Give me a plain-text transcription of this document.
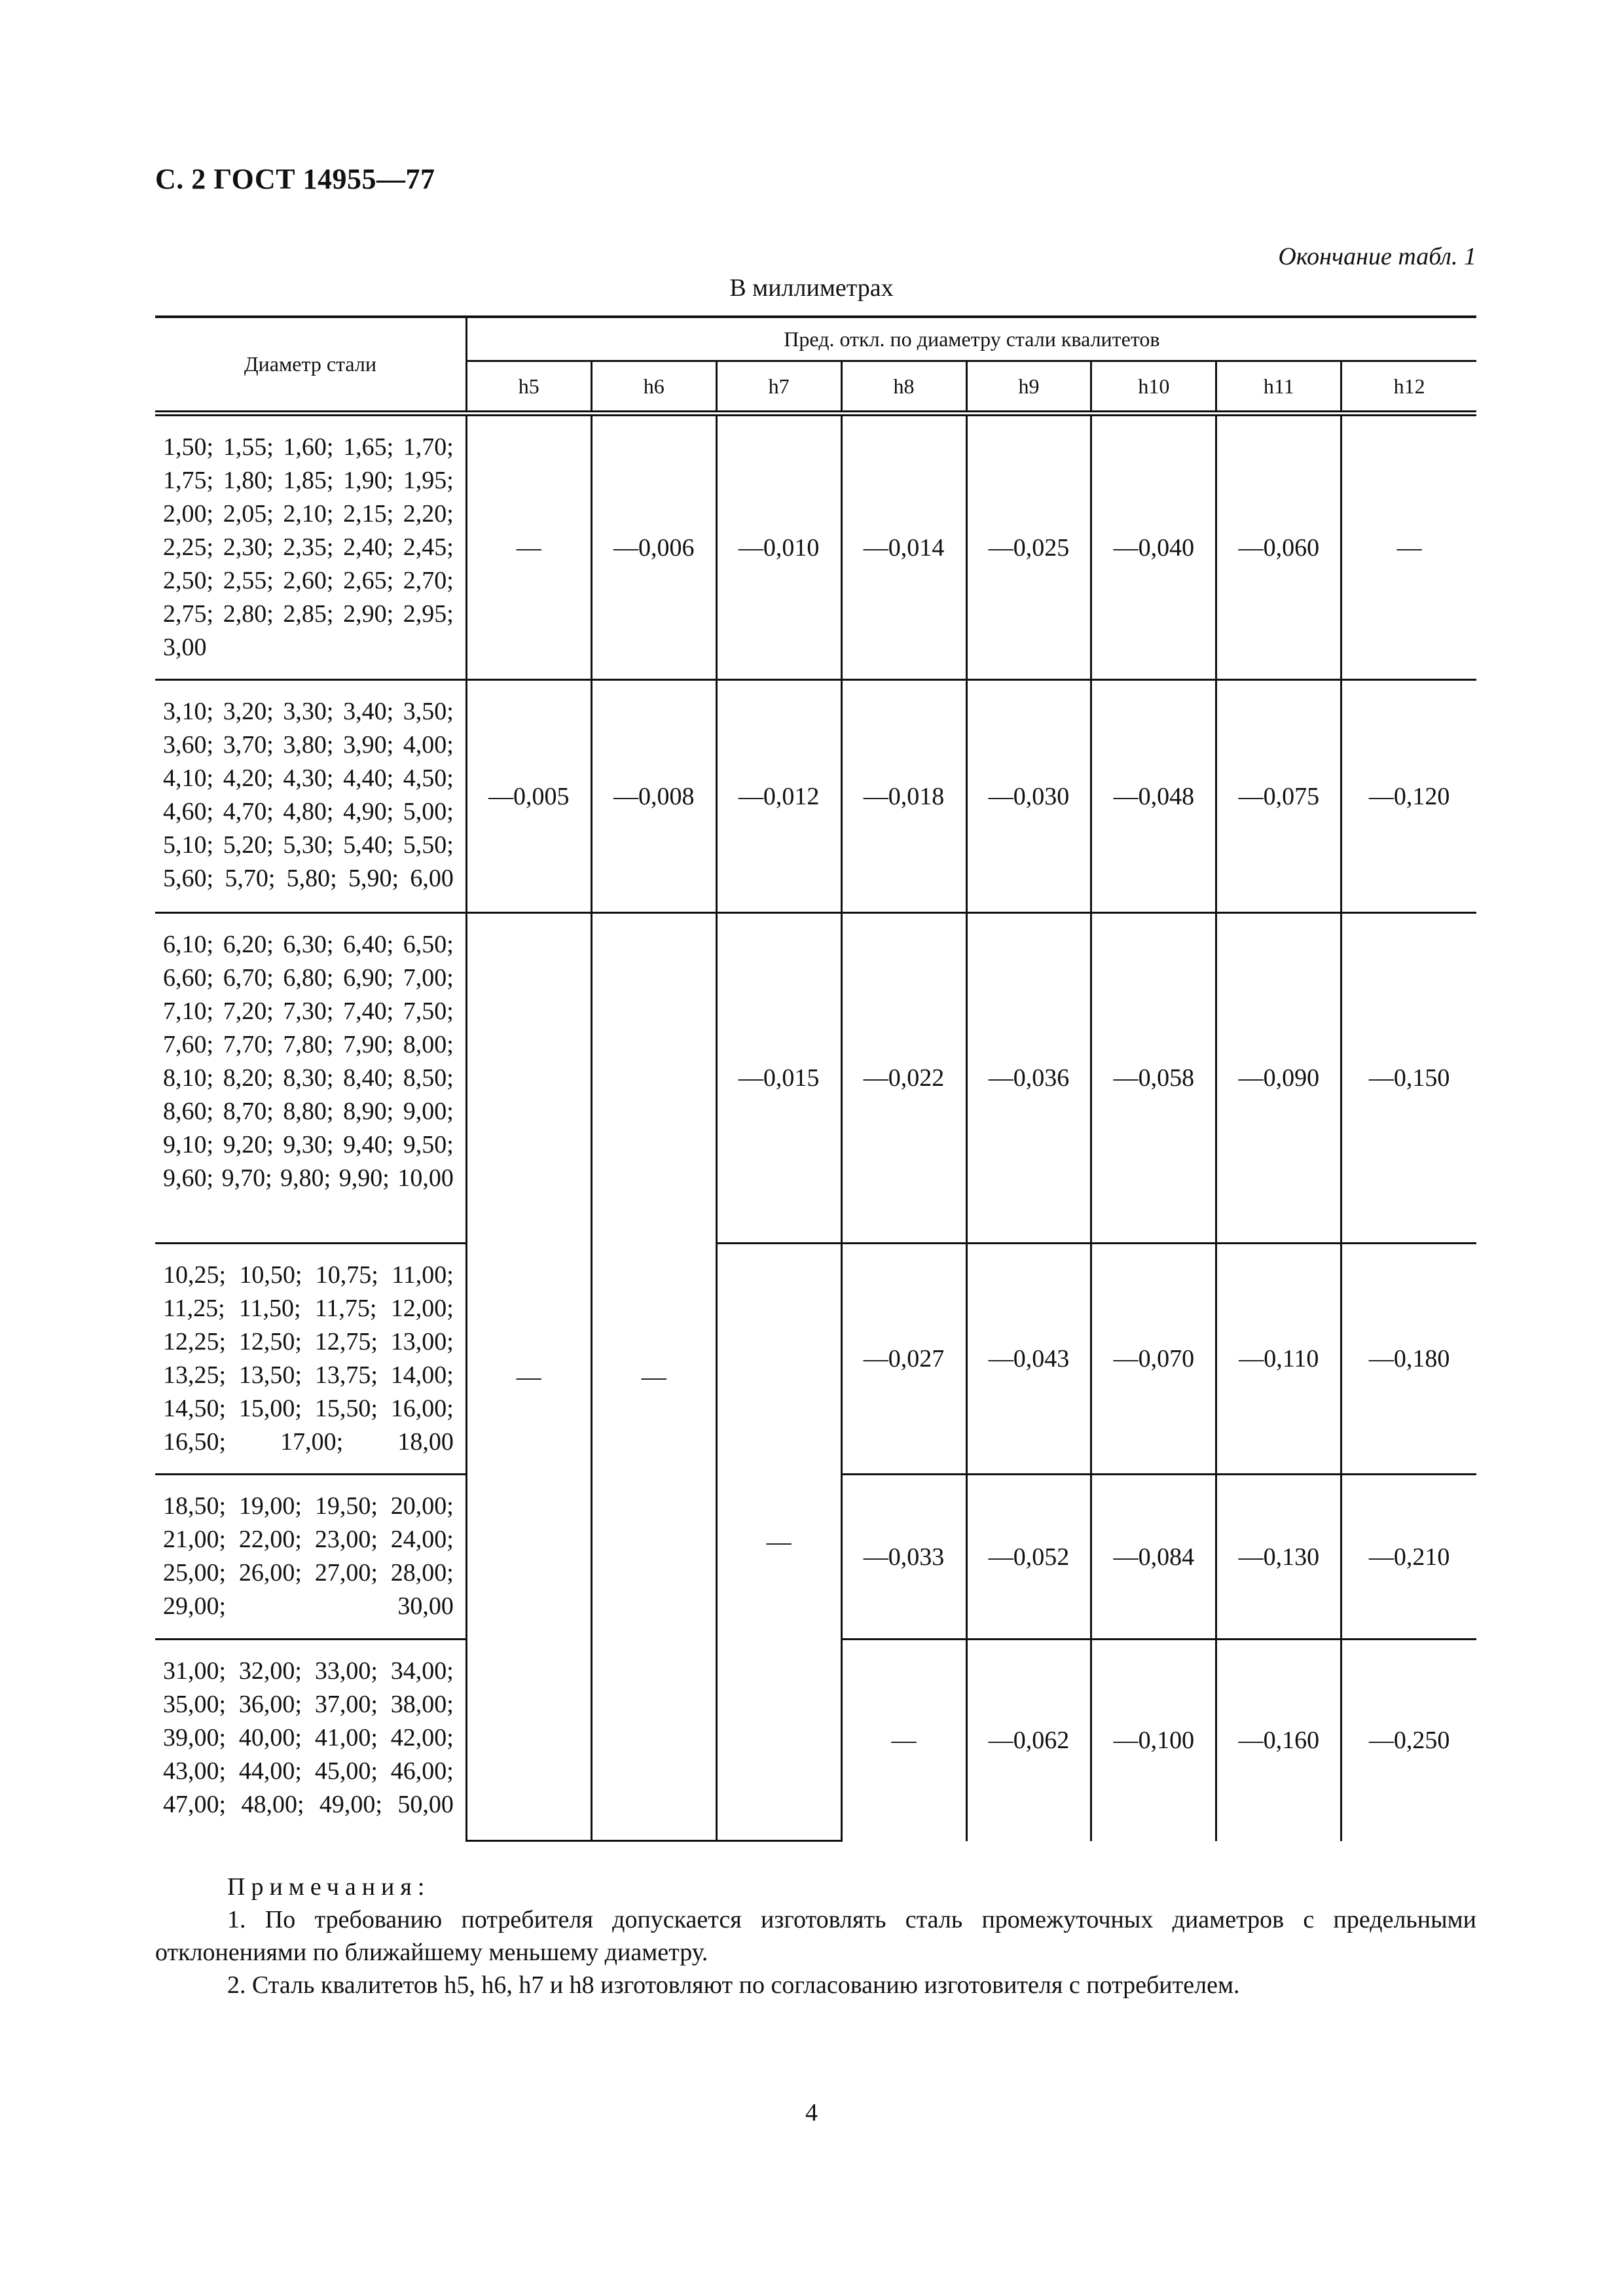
С. 2 ГОСТ 14955—77
Окончание табл. 1
В миллиметрах
Диаметр стали	Пред. откл. по диаметру стали квалитетов							
	h5	h6	h7	h8	h9	h10	h11	h12
1,50; 1,55; 1,60; 1,65; 1,70; 1,75; 1,80; 1,85; 1,90; 1,95; 2,00; 2,05; 2,10; 2,15; 2,20; 2,25; 2,30; 2,35; 2,40; 2,45; 2,50; 2,55; 2,60; 2,65; 2,70; 2,75; 2,80; 2,85; 2,90; 2,95; 3,00	—	—0,006	—0,010	—0,014	—0,025	—0,040	—0,060	—
3,10; 3,20; 3,30; 3,40; 3,50; 3,60; 3,70; 3,80; 3,90; 4,00; 4,10; 4,20; 4,30; 4,40; 4,50; 4,60; 4,70; 4,80; 4,90; 5,00; 5,10; 5,20; 5,30; 5,40; 5,50; 5,60; 5,70; 5,80; 5,90; 6,00	—0,005	—0,008	—0,012	—0,018	—0,030	—0,048	—0,075	—0,120
6,10; 6,20; 6,30; 6,40; 6,50; 6,60; 6,70; 6,80; 6,90; 7,00; 7,10; 7,20; 7,30; 7,40; 7,50; 7,60; 7,70; 7,80; 7,90; 8,00; 8,10; 8,20; 8,30; 8,40; 8,50; 8,60; 8,70; 8,80; 8,90; 9,00; 9,10; 9,20; 9,30; 9,40; 9,50; 9,60; 9,70; 9,80; 9,90; 10,00	—	—	—0,015	—0,022	—0,036	—0,058	—0,090	—0,150
10,25; 10,50; 10,75; 11,00; 11,25; 11,50; 11,75; 12,00; 12,25; 12,50; 12,75; 13,00; 13,25; 13,50; 13,75; 14,00; 14,50; 15,00; 15,50; 16,00; 16,50; 17,00; 18,00			—	—0,027	—0,043	—0,070	—0,110	—0,180
18,50; 19,00; 19,50; 20,00; 21,00; 22,00; 23,00; 24,00; 25,00; 26,00; 27,00; 28,00; 29,00; 30,00				—0,033	—0,052	—0,084	—0,130	—0,210
31,00; 32,00; 33,00; 34,00; 35,00; 36,00; 37,00; 38,00; 39,00; 40,00; 41,00; 42,00; 43,00; 44,00; 45,00; 46,00; 47,00; 48,00; 49,00; 50,00				—	—0,062	—0,100	—0,160	—0,250
Примечания:

1. По требованию потребителя допускается изготовлять сталь промежуточных диаметров с предельными отклонениями по ближайшему меньшему диаметру.

2. Сталь квалитетов h5, h6, h7 и h8 изготовляют по согласованию изготовителя с потребителем.

4
